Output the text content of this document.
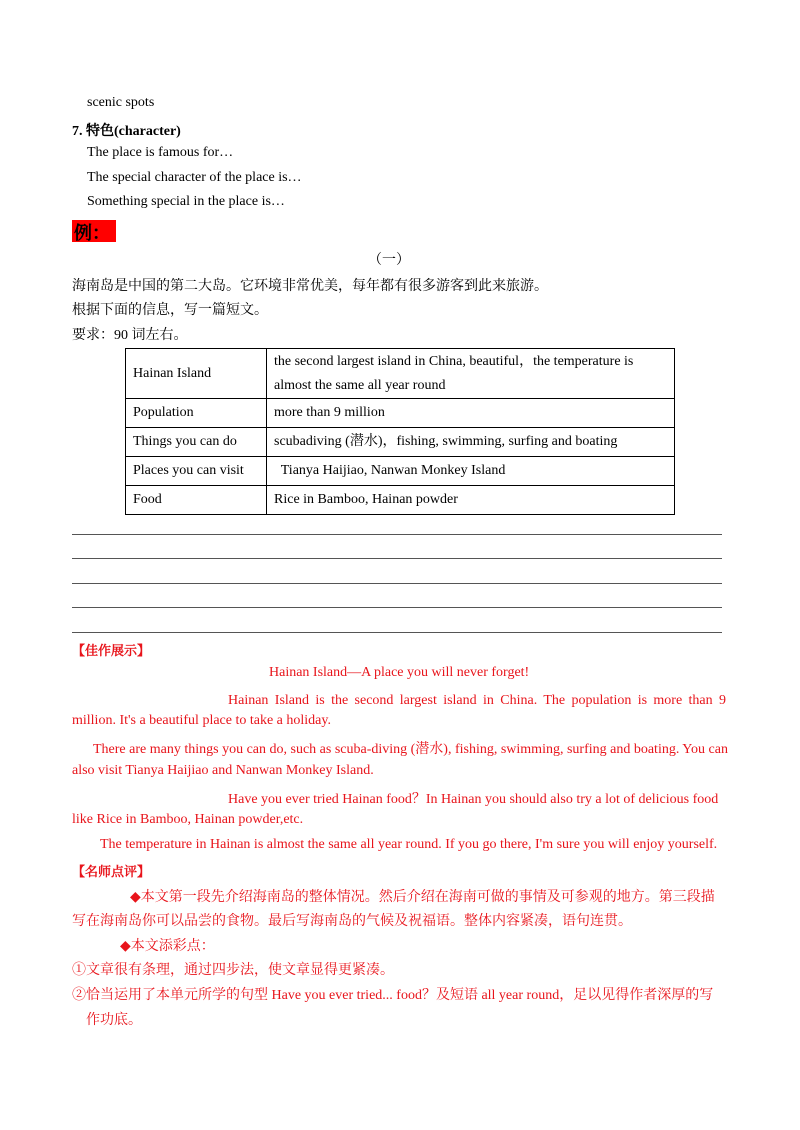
scenic spots
7. 特色(character)
The place is famous for…
The special character of the place is…
Something special in the place is…
例：
（一）
海南岛是中国的第二大岛。它环境非常优美，每年都有很多游客到此来旅游。
根据下面的信息，写一篇短文。
要求：90 词左右。
Hainan Island	the second largest island in China, beautiful，the temperature is
almost the same all year round

Population	more than 9 million
Things you can do	scubadiving (潜水)，fishing, swimming, surfing and boating
Places you can visit	Tianya Haijiao, Nanwan Monkey Island
Food	Rice in Bamboo, Hainan powder
【佳作展示】
Hainan Island—A place you will never forget!
Hainan Island is the second largest island in China. The population is more than 9
million. It's a beautiful place to take a holiday.
There are many things you can do, such as scuba-diving (潜水), fishing, swimming, surfing and boating. You can
also visit Tianya Haijiao and Nanwan Monkey Island.
Have you ever tried Hainan food？In Hainan you should also try a lot of delicious food
like Rice in Bamboo, Hainan powder,etc.
The temperature in Hainan is almost the same all year round. If you go there, I'm sure you will enjoy yourself.
【名师点评】
◆本文第一段先介绍海南岛的整体情况。然后介绍在海南可做的事情及可参观的地方。第三段描
写在海南岛你可以品尝的食物。最后写海南岛的气候及祝福语。整体内容紧凑，语句连贯。
◆本文添彩点：
①文章很有条理，通过四步法，使文章显得更紧凑。
②恰当运用了本单元所学的句型 Have you ever tried... food？及短语 all year round，足以见得作者深厚的写
作功底。
